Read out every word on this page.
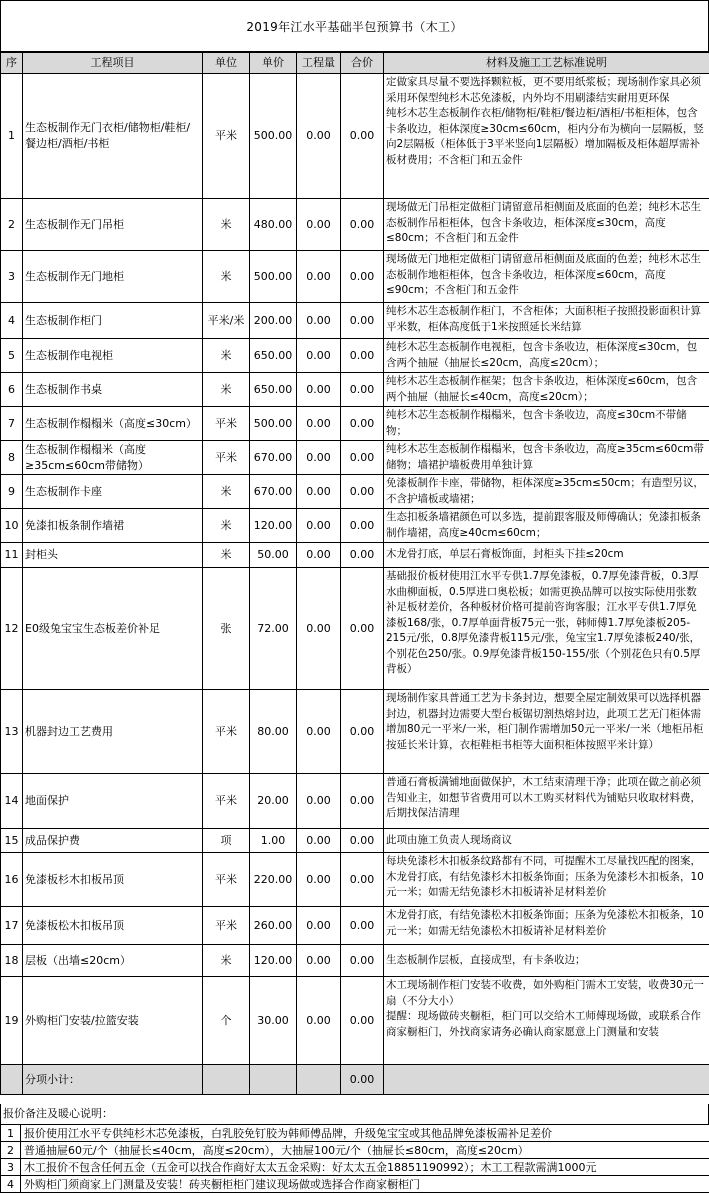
2019年江水平基础半包预算书（木工）
序	工程项目	单位	单价	工程量	合价	材料及施工工艺标准说明
1	生态板制作无门衣柜/储物柜/鞋柜/餐边柜/酒柜/书柜	平米	500.00	0.00	0.00	定做家具尽量不要选择颗粒板，更不要用纸浆板；现场制作家具必须采用环保型纯杉木芯免漆板，内外均不用刷漆结实耐用更环保
纯杉木芯生态板制作衣柜/储物柜/鞋柜/餐边柜/酒柜/书柜柜体，包含卡条收边，柜体深度≥30cm≤60cm，柜内分布为横向一层隔板，竖向2层隔板（柜体低于3平米竖向1层隔板）增加隔板及柜体超厚需补板材费用；不含柜门和五金件
2	生态板制作无门吊柜	米	480.00	0.00	0.00	现场做无门吊柜定做柜门请留意吊柜侧面及底面的色差；纯杉木芯生态板制作吊柜柜体，包含卡条收边，柜体深度≤30cm，高度≤80cm；不含柜门和五金件
3	生态板制作无门地柜	米	500.00	0.00	0.00	现场做无门地柜定做柜门请留意吊柜侧面及底面的色差；纯杉木芯生态板制作地柜柜体，包含卡条收边，柜体深度≤60cm，高度≤90cm；不含柜门和五金件
4	生态板制作柜门	平米/米	200.00	0.00	0.00	纯杉木芯生态板制作柜门，不含柜体；大面积柜子按照投影面积计算平米数，柜体高度低于1米按照延长米结算
5	生态板制作电视柜	米	650.00	0.00	0.00	纯杉木芯生态板制作电视柜，包含卡条收边，柜体深度≤30cm，包含两个抽屉（抽屉长≤20cm，高度≤20cm）；
6	生态板制作书桌	米	650.00	0.00	0.00	纯杉木芯生态板制作框架；包含卡条收边，柜体深度≤60cm，包含两个抽屉（抽屉长≤40cm，高度≤20cm）；
7	生态板制作榻榻米（高度≤30cm）	平米	500.00	0.00	0.00	纯杉木芯生态板制作榻榻米，包含卡条收边，高度≤30cm不带储物；
8	生态板制作榻榻米（高度≥35cm≤60cm带储物）	平米	670.00	0.00	0.00	纯杉木芯生态板制作榻榻米，包含卡条收边，高度≥35cm≤60cm带储物；墙裙护墙板费用单独计算
9	生态板制作卡座	米	670.00	0.00	0.00	免漆板制作卡座，带储物，柜体深度≥35cm≤50cm；有造型另议，不含护墙板或墙裙；
10	免漆扣板条制作墙裙	米	120.00	0.00	0.00	生态扣板条墙裙颜色可以多选，提前跟客服及师傅确认；免漆扣板条制作墙裙，高度≥40cm≤60cm；
11	封柜头	米	50.00	0.00	0.00	木龙骨打底，单层石膏板饰面，封柜头下挂≤20cm
12	E0级兔宝宝生态板差价补足	张	72.00	0.00	0.00	基础报价板材使用江水平专供1.7厚免漆板，0.7厚免漆背板，0.3厚水曲柳面板，0.5厚进口奥松板；如需更换品牌可以按实际使用张数补足板材差价，各种板材价格可提前咨询客服；江水平专供1.7厚免漆板168/张，0.7厚单面背板75元一张，韩师傅1.7厚免漆板205-215元/张，0.8厚免漆背板115元/张，兔宝宝1.7厚免漆板240/张，个别花色250/张。0.9厚免漆背板150-155/张（个别花色只有0.5厚背板）
13	机器封边工艺费用	平米	80.00	0.00	0.00	现场制作家具普通工艺为卡条封边，想要全屋定制效果可以选择机器封边，机器封边需要大型台板锯切割热熔封边，此项工艺无门柜体需增加80元一平米/一米，柜门制作需增加50元一平米/一米（地柜吊柜按延长米计算，衣柜鞋柜书柜等大面积柜体按照平米计算）
14	地面保护	平米	20.00	0.00	0.00	普通石膏板满铺地面做保护，木工结束清理干净；此项在做之前必须告知业主，如想节省费用可以木工购买材料代为铺贴只收取材料费，后期找保洁清理
15	成品保护费	项	1.00	0.00	0.00	此项由施工负责人现场商议
16	免漆板杉木扣板吊顶	平米	220.00	0.00	0.00	每块免漆杉木扣板条纹路都有不同，可提醒木工尽量找匹配的图案，木龙骨打底，有结免漆杉木扣板条饰面；压条为免漆杉木扣板条，10元一米；如需无结免漆杉木扣板请补足材料差价
17	免漆板松木扣板吊顶	平米	260.00	0.00	0.00	木龙骨打底，有结免漆松木扣板条饰面；压条为免漆松木扣板条，10元一米；如需无结免漆松木扣板请补足材料差价
18	层板（出墙≤20cm）	米	120.00	0.00	0.00	生态板制作层板，直接成型，有卡条收边；
19	外购柜门安装/拉篮安装	个	30.00	0.00	0.00	木工现场制作柜门安装不收费，如外购柜门需木工安装，收费30元一扇（不分大小）
提醒：现场做砖夹橱柜，柜门可以交给木工师傅现场做，或联系合作商家橱柜门，外找商家请务必确认商家愿意上门测量和安装
	分项小计：				0.00	
报价备注及暖心说明：
1	报价使用江水平专供纯杉木芯免漆板，白乳胶免钉胶为韩师傅品牌，升级兔宝宝或其他品牌免漆板需补足差价
2	普通抽屉60元/个（抽屉长≤40cm，高度≤20cm），大抽屉100元/个（抽屉长≤80cm，高度≤20cm）
3	木工报价不包含任何五金（五金可以找合作商好太太五金采购：好太太五金18851190992）；木工工程款需满1000元
4	外购柜门须商家上门测量及安装！砖夹橱柜柜门建议现场做或选择合作商家橱柜门
